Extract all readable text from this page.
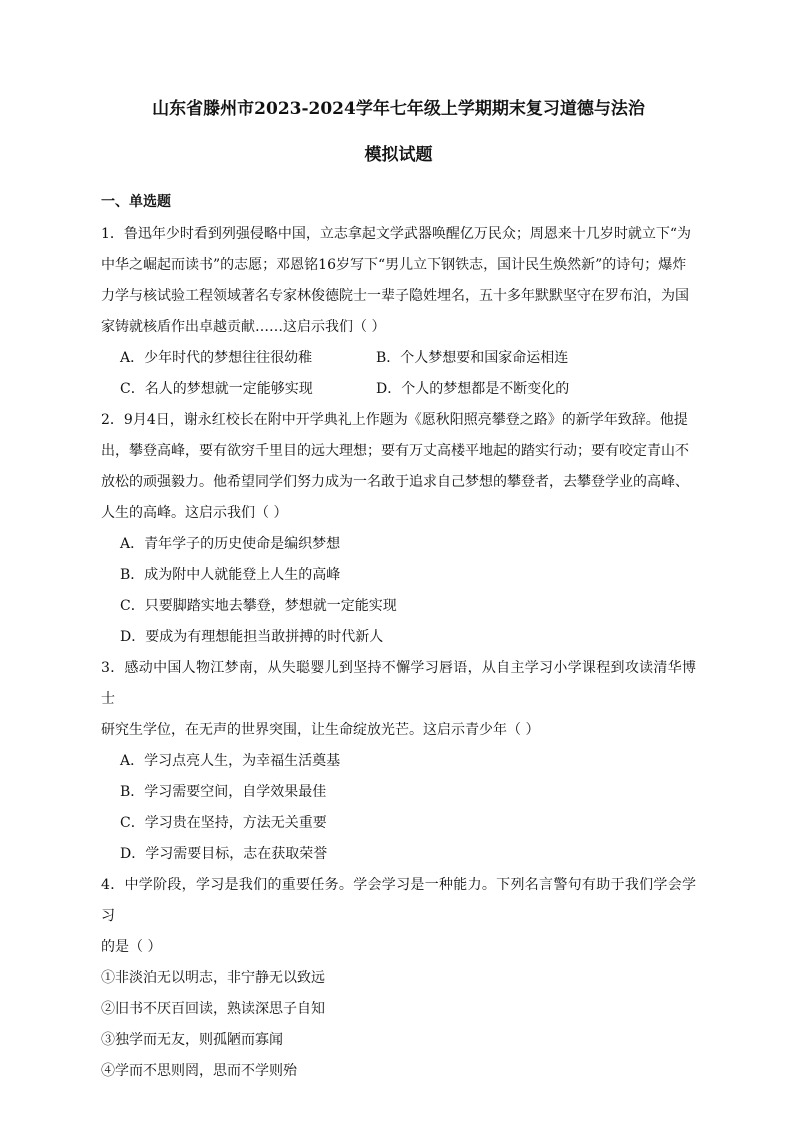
山东省滕州市2023-2024学年七年级上学期期末复习道德与法治
模拟试题
一、单选题

1．鲁迅年少时看到列强侵略中国，立志拿起文学武器唤醒亿万民众；周恩来十几岁时就立下“为

中华之崛起而读书”的志愿；邓恩铭16岁写下“男儿立下钢铁志，国计民生焕然新”的诗句；爆炸

力学与核试验工程领域著名专家林俊德院士一辈子隐姓埋名，五十多年默默坚守在罗布泊，为国

家铸就核盾作出卓越贡献……这启示我们（ ）

A．少年时代的梦想往往很幼稚	B．个人梦想要和国家命运相连
C．名人的梦想就一定能够实现	D．个人的梦想都是不断变化的

2．9月4日，谢永红校长在附中开学典礼上作题为《愿秋阳照亮攀登之路》的新学年致辞。他提

出，攀登高峰，要有欲穷千里目的远大理想；要有万丈高楼平地起的踏实行动；要有咬定青山不

放松的顽强毅力。他希望同学们努力成为一名敢于追求自己梦想的攀登者，去攀登学业的高峰、

人生的高峰。这启示我们（ ）

A．青年学子的历史使命是编织梦想
B．成为附中人就能登上人生的高峰
C．只要脚踏实地去攀登，梦想就一定能实现
D．要成为有理想能担当敢拼搏的时代新人

3．感动中国人物江梦南，从失聪婴儿到坚持不懈学习唇语，从自主学习小学课程到攻读清华博士

研究生学位，在无声的世界突围，让生命绽放光芒。这启示青少年（ ）

A．学习点亮人生，为幸福生活奠基
B．学习需要空间，自学效果最佳
C．学习贵在坚持，方法无关重要
D．学习需要目标，志在获取荣誉

4．中学阶段，学习是我们的重要任务。学会学习是一种能力。下列名言警句有助于我们学会学习

的是（ ）

①非淡泊无以明志，非宁静无以致远
②旧书不厌百回读，熟读深思子自知
③独学而无友，则孤陋而寡闻
④学而不思则罔，思而不学则殆
